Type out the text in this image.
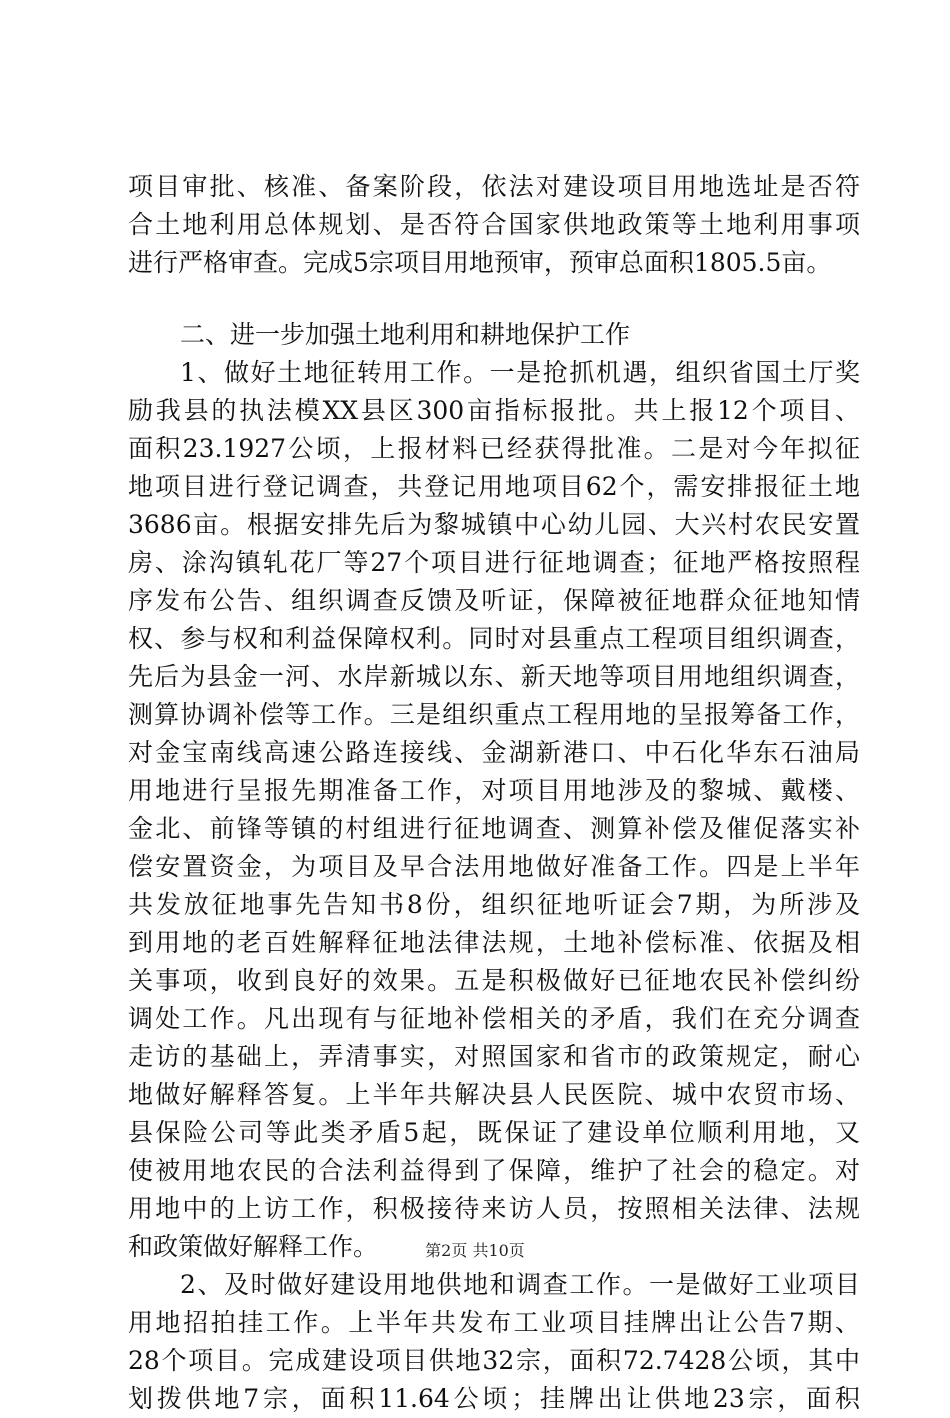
项目审批、核准、备案阶段，依法对建设项目用地选址是否符
合土地利用总体规划、是否符合国家供地政策等土地利用事项
进行严格审查。完成5宗项目用地预审，预审总面积1805.5亩。
二、进一步加强土地利用和耕地保护工作
1、做好土地征转用工作。一是抢抓机遇，组织省国土厅奖
励我县的执法模XX县区300亩指标报批。共上报12个项目、
面积23.1927公顷，上报材料已经获得批准。二是对今年拟征
地项目进行登记调查，共登记用地项目62个，需安排报征土地
3686亩。根据安排先后为黎城镇中心幼儿园、大兴村农民安置
房、涂沟镇轧花厂等27个项目进行征地调查；征地严格按照程
序发布公告、组织调查反馈及听证，保障被征地群众征地知情
权、参与权和利益保障权利。同时对县重点工程项目组织调查，
先后为县金一河、水岸新城以东、新天地等项目用地组织调查，
测算协调补偿等工作。三是组织重点工程用地的呈报筹备工作，
对金宝南线高速公路连接线、金湖新港口、中石化华东石油局
用地进行呈报先期准备工作，对项目用地涉及的黎城、戴楼、
金北、前锋等镇的村组进行征地调查、测算补偿及催促落实补
偿安置资金，为项目及早合法用地做好准备工作。四是上半年
共发放征地事先告知书8份，组织征地听证会7期，为所涉及
到用地的老百姓解释征地法律法规，土地补偿标准、依据及相
关事项，收到良好的效果。五是积极做好已征地农民补偿纠纷
调处工作。凡出现有与征地补偿相关的矛盾，我们在充分调查
走访的基础上，弄清事实，对照国家和省市的政策规定，耐心
地做好解释答复。上半年共解决县人民医院、城中农贸市场、
县保险公司等此类矛盾5起，既保证了建设单位顺利用地，又
使被用地农民的合法利益得到了保障，维护了社会的稳定。对
用地中的上访工作，积极接待来访人员，按照相关法律、法规
和政策做好解释工作。
2、及时做好建设用地供地和调查工作。一是做好工业项目
用地招拍挂工作。上半年共发布工业项目挂牌出让公告7期、
28个项目。完成建设项目供地32宗，面积72.7428公顷，其中
划拨供地7宗，面积11.64公顷；挂牌出让供地23宗，面积
第2页 共10页
